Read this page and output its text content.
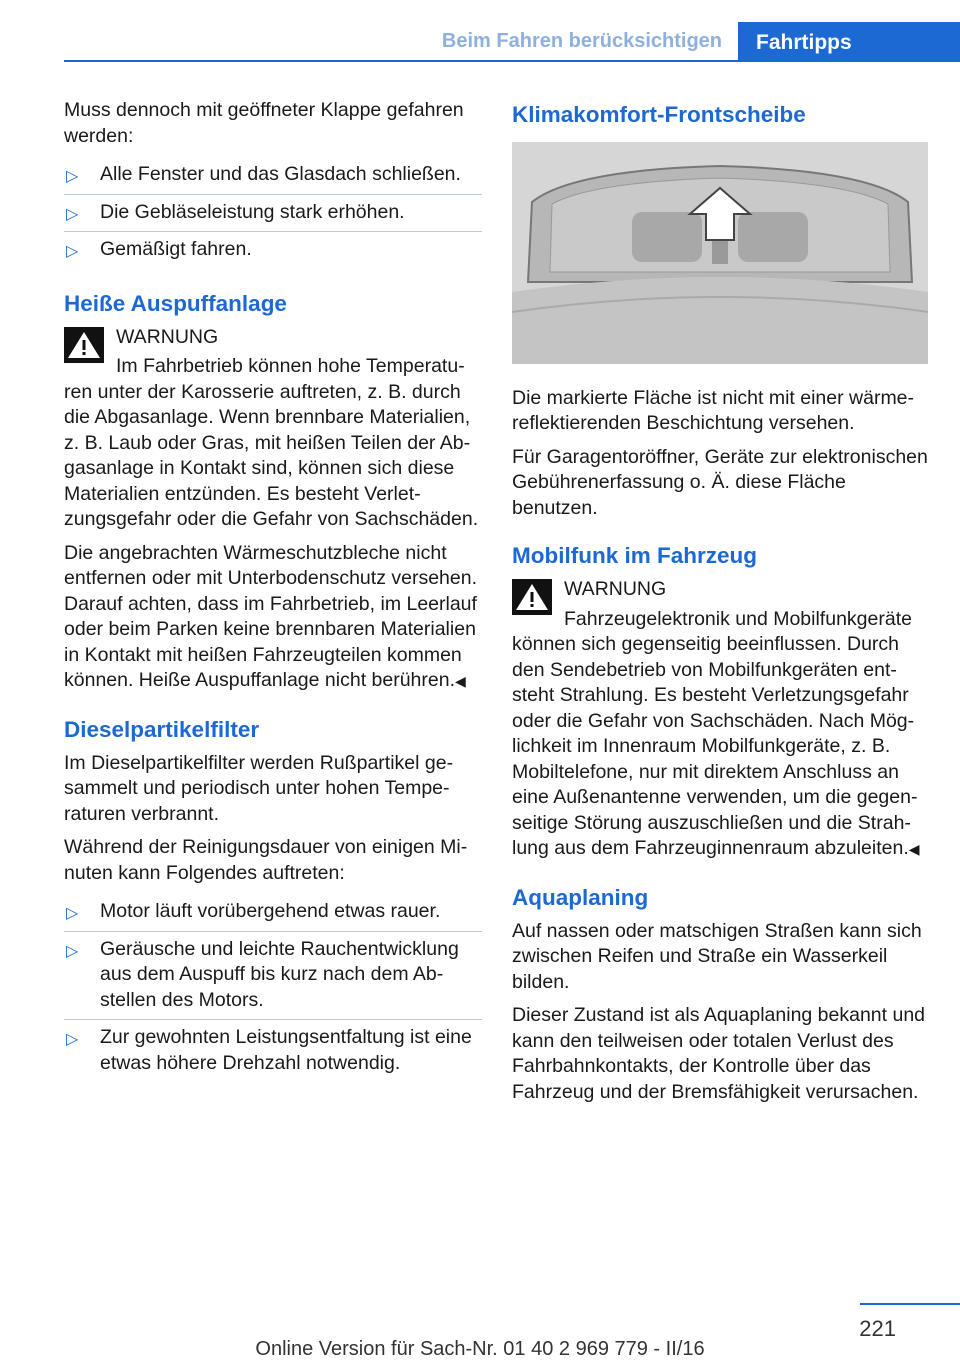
Beim Fahren berücksichtigen	Fahrtipps

Muss dennoch mit geöffneter Klappe gefahren werden:

▷ Alle Fenster und das Glasdach schließen.
▷ Die Gebläseleistung stark erhöhen.
▷ Gemäßigt fahren.
Heiße Auspuffanlage
WARNUNG

Im Fahrbetrieb können hohe Temperaturen unter der Karosserie auftreten, z. B. durch die Abgasanlage. Wenn brennbare Materialien, z. B. Laub oder Gras, mit heißen Teilen der Abgasanlage in Kontakt sind, können sich diese Materialien entzünden. Es besteht Verletzungsgefahr oder die Gefahr von Sachschäden.

Die angebrachten Wärmeschutzbleche nicht entfernen oder mit Unterbodenschutz versehen. Darauf achten, dass im Fahrbetrieb, im Leerlauf oder beim Parken keine brennbaren Materialien in Kontakt mit heißen Fahrzeugteilen kommen können. Heiße Auspuffanlage nicht berühren.◀

Dieselpartikelfilter

Im Dieselpartikelfilter werden Rußpartikel gesammelt und periodisch unter hohen Temperaturen verbrannt.

Während der Reinigungsdauer von einigen Minuten kann Folgendes auftreten:

▷ Motor läuft vorübergehend etwas rauer.
▷ Geräusche und leichte Rauchentwicklung aus dem Auspuff bis kurz nach dem Abstellen des Motors.
▷ Zur gewohnten Leistungsentfaltung ist eine etwas höhere Drehzahl notwendig.
Klimakomfort-Frontscheibe

Die markierte Fläche ist nicht mit einer wärmereflektierenden Beschichtung versehen.

Für Garagentoröffner, Geräte zur elektronischen Gebührenerfassung o. Ä. diese Fläche benutzen.

Mobilfunk im Fahrzeug
WARNUNG

Fahrzeugelektronik und Mobilfunkgeräte können sich gegenseitig beeinflussen. Durch den Sendebetrieb von Mobilfunkgeräten entsteht Strahlung. Es besteht Verletzungsgefahr oder die Gefahr von Sachschäden. Nach Möglichkeit im Innenraum Mobilfunkgeräte, z. B. Mobiltelefone, nur mit direktem Anschluss an eine Außenantenne verwenden, um die gegenseitige Störung auszuschließen und die Strahlung aus dem Fahrzeuginnenraum abzuleiten.◀

Aquaplaning

Auf nassen oder matschigen Straßen kann sich zwischen Reifen und Straße ein Wasserkeil bilden.

Dieser Zustand ist als Aquaplaning bekannt und kann den teilweisen oder totalen Verlust des Fahrbahnkontakts, der Kontrolle über das Fahrzeug und der Bremsfähigkeit verursachen.

221
Online Version für Sach-Nr. 01 40 2 969 779 - II/16
